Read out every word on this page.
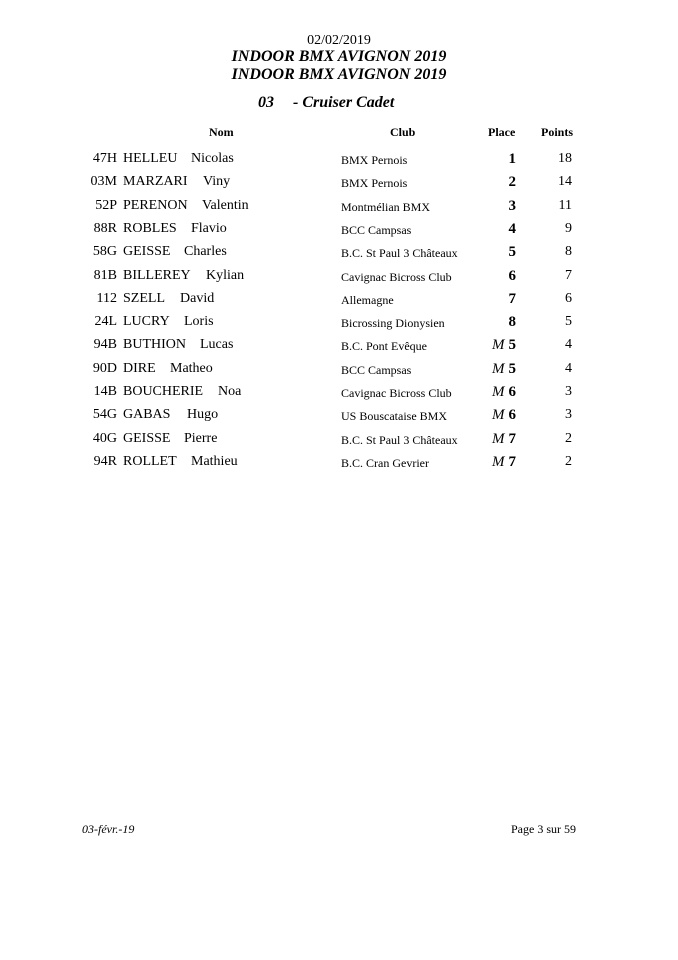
02/02/2019
INDOOR BMX AVIGNON 2019
INDOOR BMX AVIGNON 2019
03 - Cruiser Cadet
Nom	Club	Place Points
47H HELLEU Nicolas	BMX Pernois	1	18
03M MARZARI Viny	BMX Pernois	2	14
52P PERENON Valentin	Montmélian BMX	3	11
88R ROBLES Flavio	BCC Campsas	4	9
58G GEISSE Charles	B.C. St Paul 3 Châteaux	5	8
81B BILLEREY Kylian	Cavignac Bicross Club	6	7
112 SZELL David	Allemagne	7	6
24L LUCRY Loris	Bicrossing Dionysien	8	5
94B BUTHION Lucas	B.C. Pont Evêque	M 5	4
90D DIRE Matheo	BCC Campsas	M 5	4
14B BOUCHERIE Noa	Cavignac Bicross Club	M 6	3
54G GABAS Hugo	US Bouscataise BMX	M 6	3
40G GEISSE Pierre	B.C. St Paul 3 Châteaux	M 7	2
94R ROLLET Mathieu	B.C. Cran Gevrier	M 7	2
03-févr.-19	Page 3 sur 59
